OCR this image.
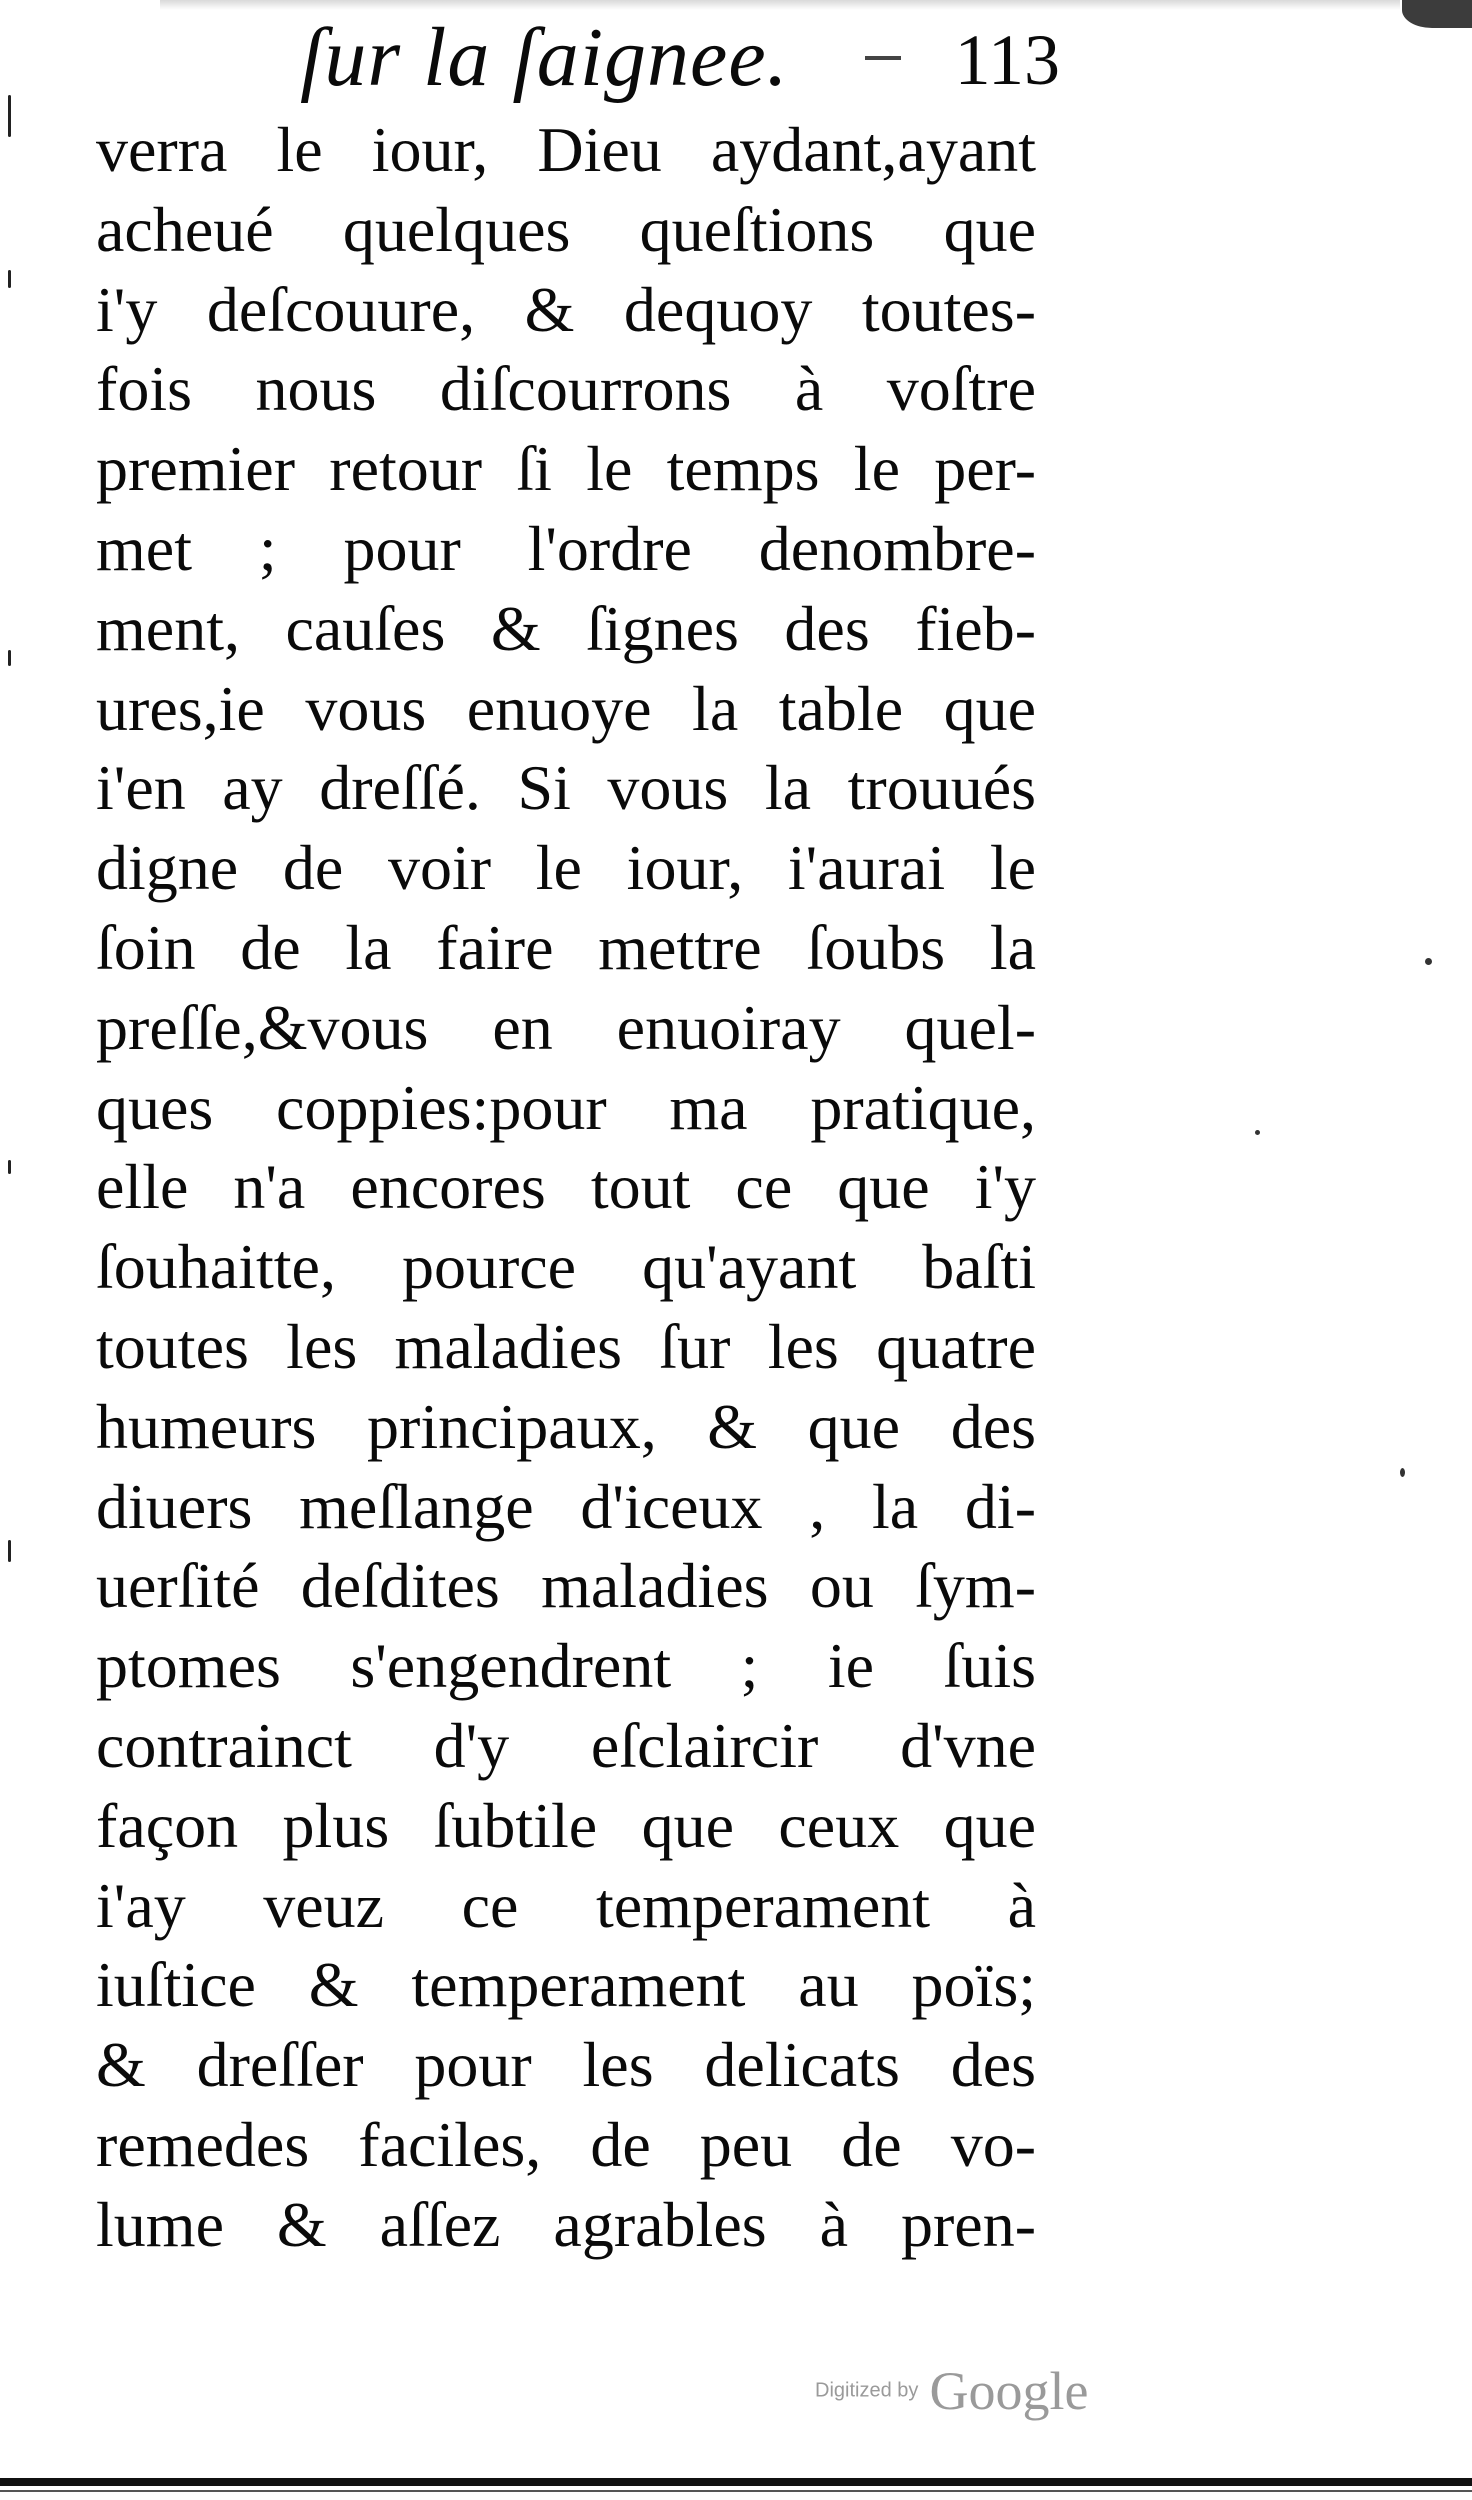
ſur la ſaignee. 113
verra le iour, Dieu aydant,ayant
acheué quelques queſtions que
i'y deſcouure, & dequoy toutes-
fois nous diſcourrons à voſtre
premier retour ſi le temps le per-
met ; pour l'ordre denombre-
ment, cauſes & ſignes des fieb-
ures,ie vous enuoye la table que
i'en ay dreſſé. Si vous la trouués
digne de voir le iour, i'aurai le
ſoin de la faire mettre ſoubs la
preſſe,&vous en enuoiray quel-
ques coppies:pour ma pratique,
elle n'a encores tout ce que i'y
ſouhaitte, pource qu'ayant baſti
toutes les maladies ſur les quatre
humeurs principaux, & que des
diuers meſlange d'iceux , la di-
uerſité deſdites maladies ou ſym-
ptomes s'engendrent ; ie ſuis
contrainct d'y eſclaircir d'vne
façon plus ſubtile que ceux que
i'ay veuz ce temperament à
iuſtice & temperament au poïs;
& dreſſer pour les delicats des
remedes faciles, de peu de vo-
lume & aſſez agrables à pren-
Digitized by Google
